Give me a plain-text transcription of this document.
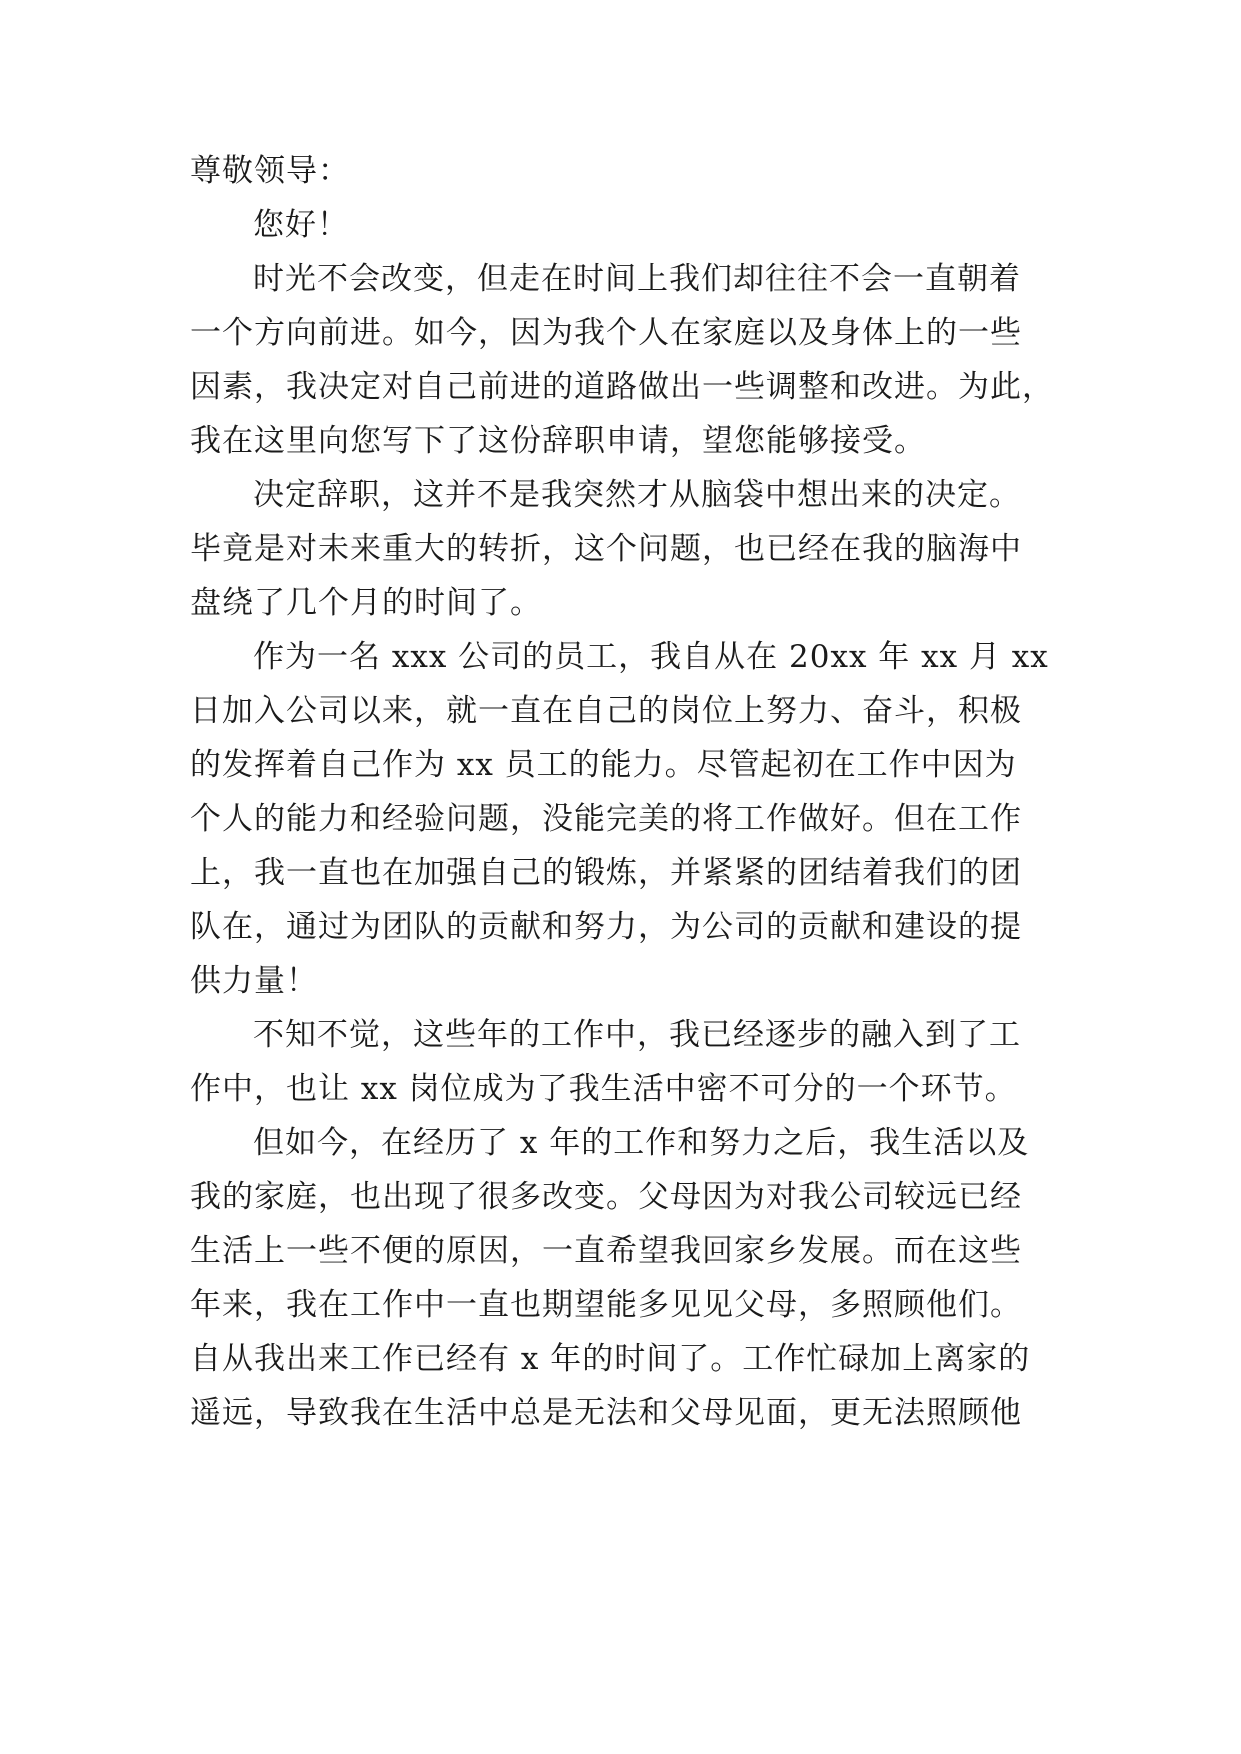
尊敬领导：
您好！
时光不会改变，但走在时间上我们却往往不会一直朝着
一个方向前进。如今，因为我个人在家庭以及身体上的一些
因素，我决定对自己前进的道路做出一些调整和改进。为此，
我在这里向您写下了这份辞职申请，望您能够接受。
决定辞职，这并不是我突然才从脑袋中想出来的决定。
毕竟是对未来重大的转折，这个问题，也已经在我的脑海中
盘绕了几个月的时间了。
作为一名 xxx 公司的员工，我自从在 20xx 年 xx 月 xx
日加入公司以来，就一直在自己的岗位上努力、奋斗，积极
的发挥着自己作为 xx 员工的能力。尽管起初在工作中因为
个人的能力和经验问题，没能完美的将工作做好。但在工作
上，我一直也在加强自己的锻炼，并紧紧的团结着我们的团
队在，通过为团队的贡献和努力，为公司的贡献和建设的提
供力量！
不知不觉，这些年的工作中，我已经逐步的融入到了工
作中，也让 xx 岗位成为了我生活中密不可分的一个环节。
但如今，在经历了 x 年的工作和努力之后，我生活以及
我的家庭，也出现了很多改变。父母因为对我公司较远已经
生活上一些不便的原因，一直希望我回家乡发展。而在这些
年来，我在工作中一直也期望能多见见父母，多照顾他们。
自从我出来工作已经有 x 年的时间了。工作忙碌加上离家的
遥远，导致我在生活中总是无法和父母见面，更无法照顾他
